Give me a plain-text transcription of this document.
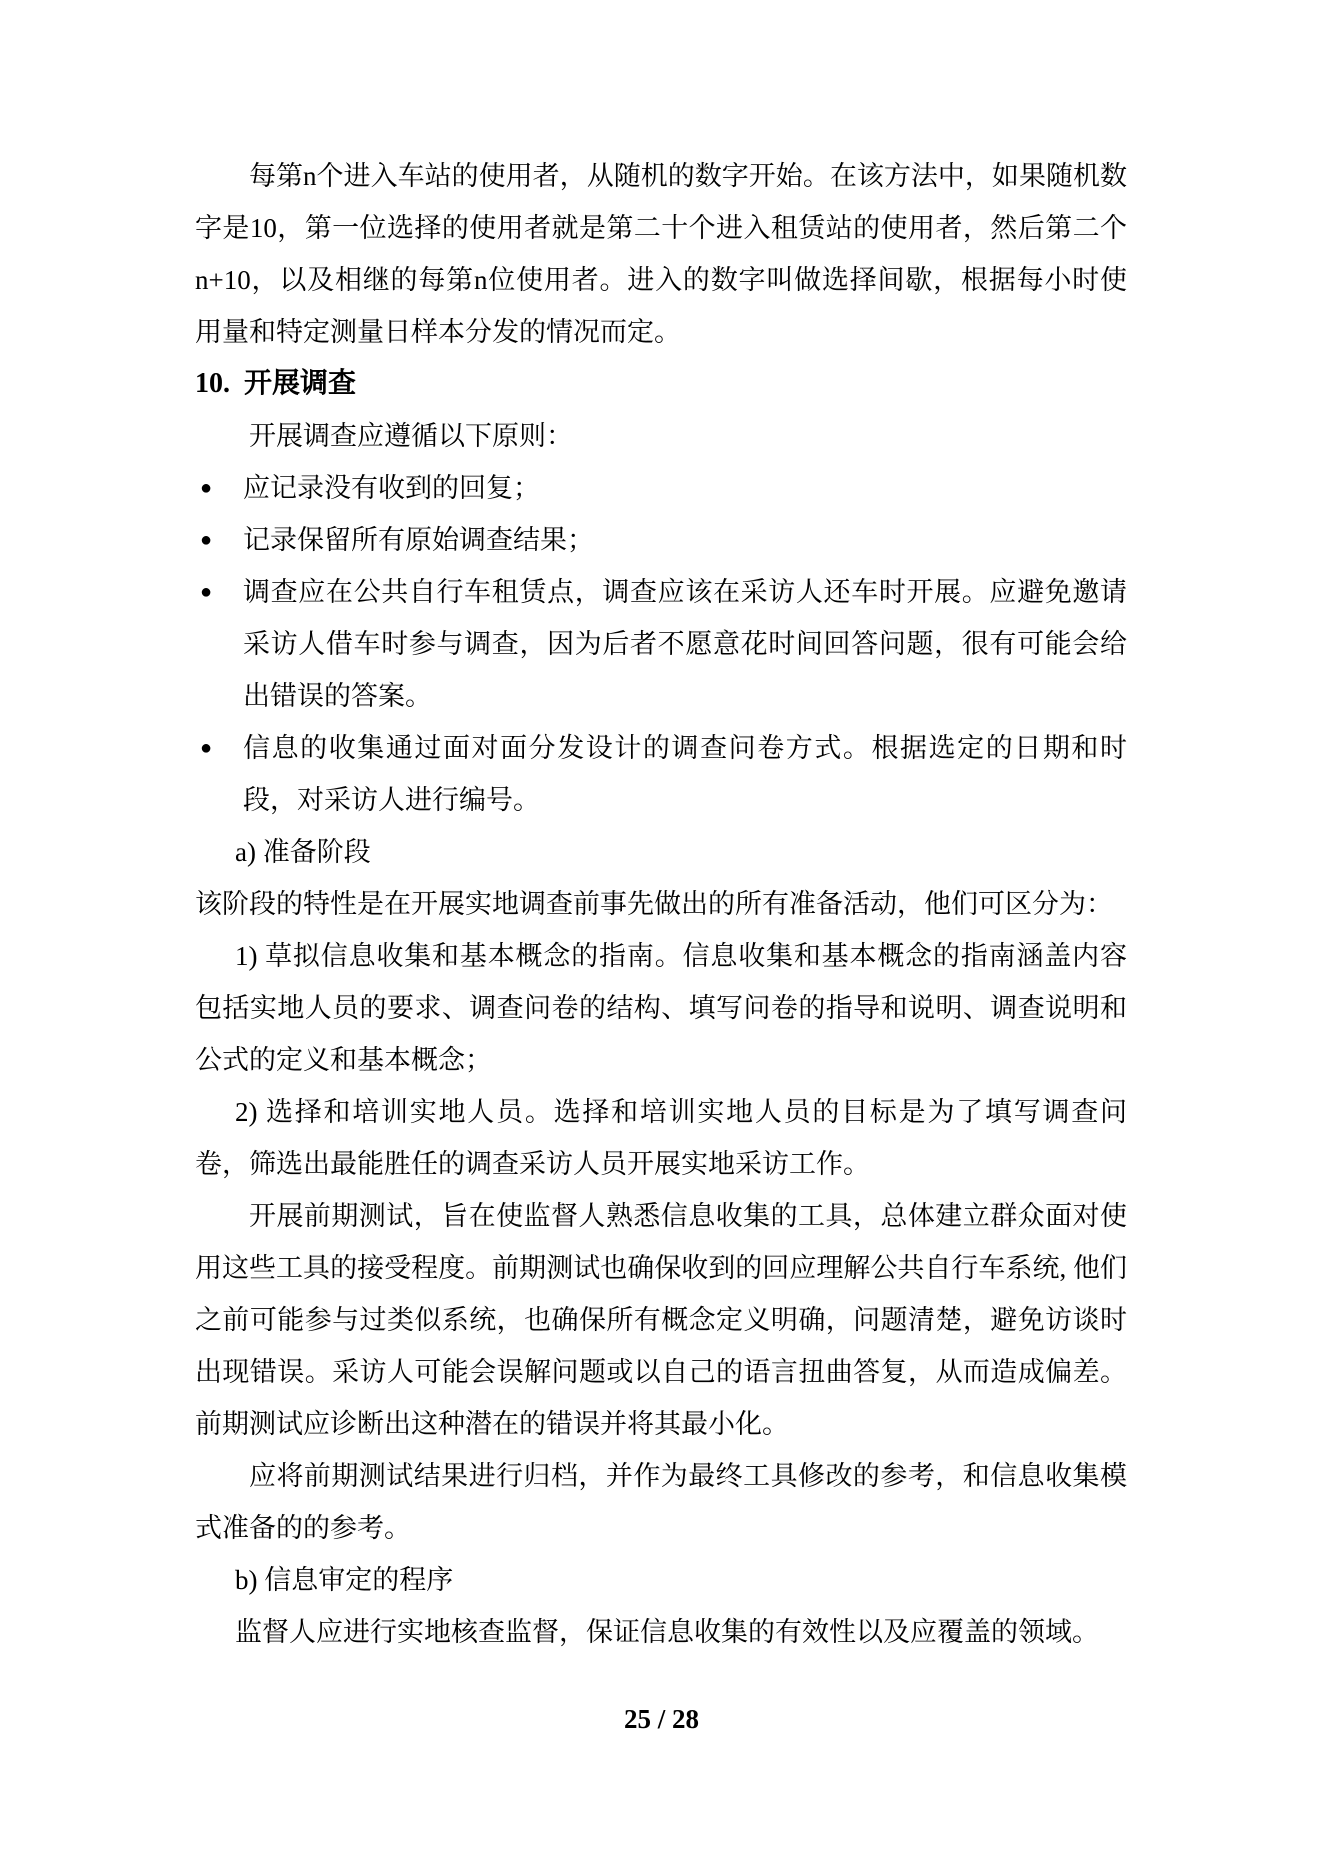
每第n个进入车站的使用者，从随机的数字开始。在该方法中，如果随机数字是10，第一位选择的使用者就是第二十个进入租赁站的使用者，然后第二个n+10，以及相继的每第n位使用者。进入的数字叫做选择间歇，根据每小时使用量和特定测量日样本分发的情况而定。

10. 开展调查

开展调查应遵循以下原则：

● 应记录没有收到的回复；
● 记录保留所有原始调查结果；
● 调查应在公共自行车租赁点，调查应该在采访人还车时开展。应避免邀请采访人借车时参与调查，因为后者不愿意花时间回答问题，很有可能会给出错误的答案。
● 信息的收集通过面对面分发设计的调查问卷方式。根据选定的日期和时段，对采访人进行编号。

a) 准备阶段

该阶段的特性是在开展实地调查前事先做出的所有准备活动，他们可区分为：

1) 草拟信息收集和基本概念的指南。信息收集和基本概念的指南涵盖内容包括实地人员的要求、调查问卷的结构、填写问卷的指导和说明、调查说明和公式的定义和基本概念；

2) 选择和培训实地人员。选择和培训实地人员的目标是为了填写调查问卷，筛选出最能胜任的调查采访人员开展实地采访工作。

开展前期测试，旨在使监督人熟悉信息收集的工具，总体建立群众面对使用这些工具的接受程度。前期测试也确保收到的回应理解公共自行车系统, 他们之前可能参与过类似系统，也确保所有概念定义明确，问题清楚，避免访谈时出现错误。采访人可能会误解问题或以自己的语言扭曲答复，从而造成偏差。前期测试应诊断出这种潜在的错误并将其最小化。

应将前期测试结果进行归档，并作为最终工具修改的参考，和信息收集模式准备的的参考。

b) 信息审定的程序

监督人应进行实地核查监督，保证信息收集的有效性以及应覆盖的领域。

25 / 28
